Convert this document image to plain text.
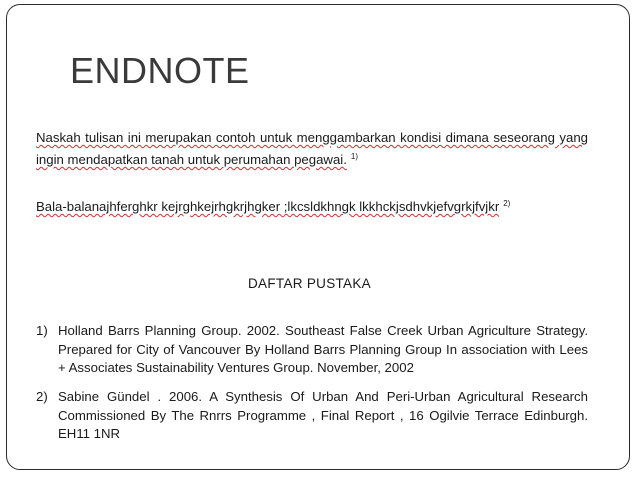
ENDNOTE
Naskah tulisan ini merupakan contoh untuk menggambarkan kondisi dimana seseorang yang ingin mendapatkan tanah untuk perumahan pegawai. $^{1)}$
Bala-balanajhferghkr kejrghkejrhgkrjhgker ;lkcsldkhngk lkkhckjsdhvkjefvgrkjfvjkr $^{2)}$
DAFTAR PUSTAKA
1) Holland Barrs Planning Group. 2002. Southeast False Creek Urban Agriculture Strategy. Prepared for City of Vancouver By Holland Barrs Planning Group In association with Lees + Associates Sustainability Ventures Group. November, 2002
2) Sabine Gündel . 2006. A Synthesis Of Urban And Peri-Urban Agricultural Research Commissioned By The Rnrrs Programme , Final Report , 16 Ogilvie Terrace Edinburgh. EH11 1NR
